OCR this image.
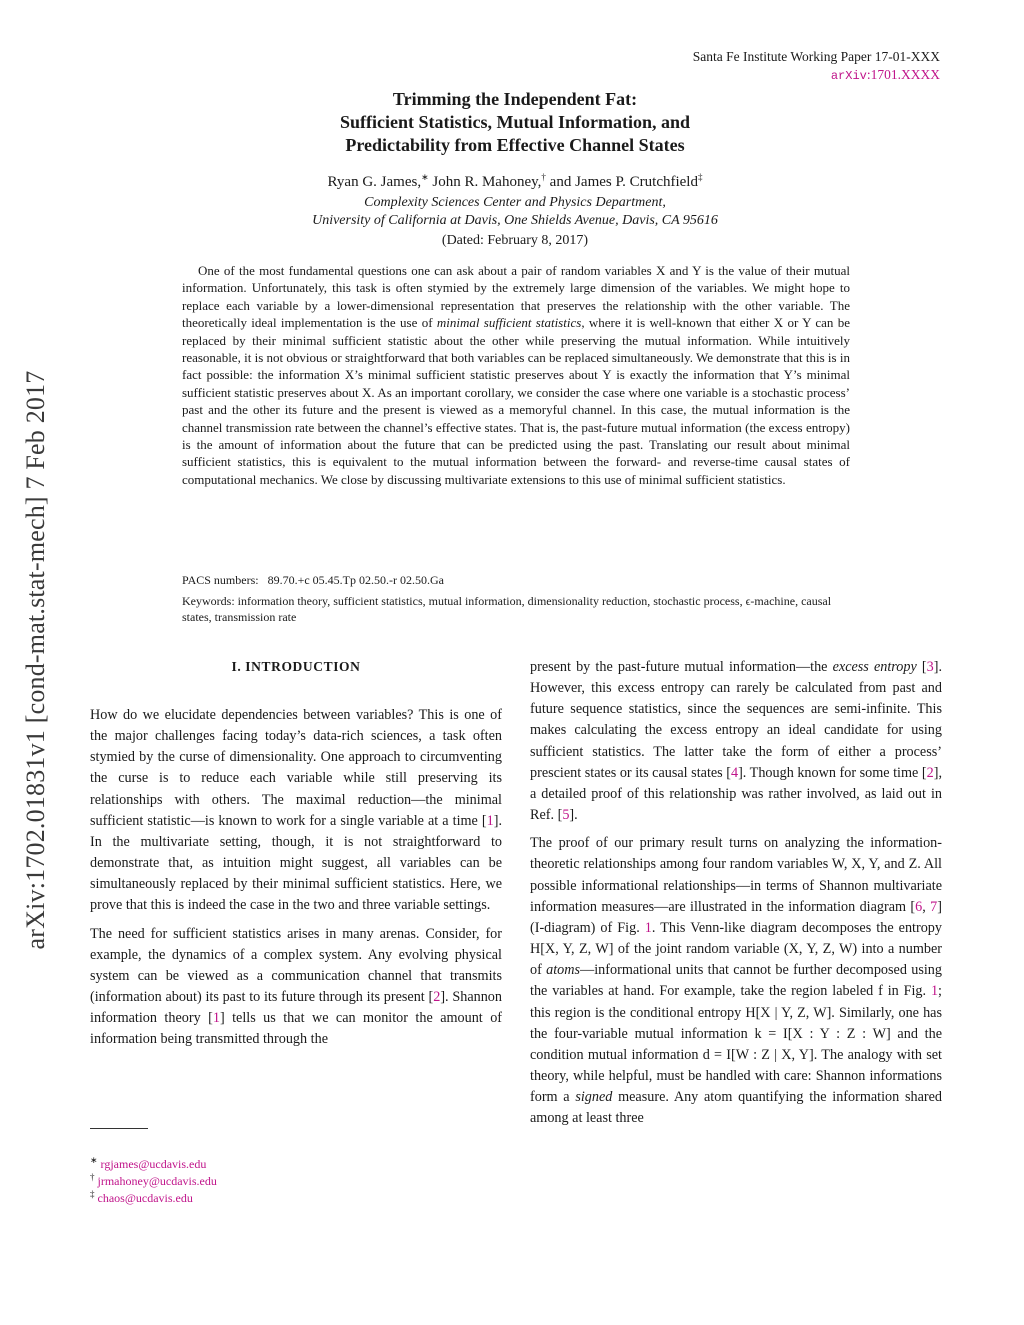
arXiv:1702.01831v1 [cond-mat.stat-mech] 7 Feb 2017
Santa Fe Institute Working Paper 17-01-XXX
arXiv:1701.XXXX
Trimming the Independent Fat:
Sufficient Statistics, Mutual Information, and
Predictability from Effective Channel States
Ryan G. James,∗ John R. Mahoney,† and James P. Crutchfield‡
Complexity Sciences Center and Physics Department,
University of California at Davis, One Shields Avenue, Davis, CA 95616
(Dated: February 8, 2017)

One of the most fundamental questions one can ask about a pair of random variables X and Y is the value of their mutual information. Unfortunately, this task is often stymied by the extremely large dimension of the variables. We might hope to replace each variable by a lower-dimensional representation that preserves the relationship with the other variable. The theoretically ideal implementation is the use of minimal sufficient statistics, where it is well-known that either X or Y can be replaced by their minimal sufficient statistic about the other while preserving the mutual information. While intuitively reasonable, it is not obvious or straightforward that both variables can be replaced simultaneously. We demonstrate that this is in fact possible: the information X’s minimal sufficient statistic preserves about Y is exactly the information that Y’s minimal sufficient statistic preserves about X. As an important corollary, we consider the case where one variable is a stochastic process’ past and the other its future and the present is viewed as a memoryful channel. In this case, the mutual information is the channel transmission rate between the channel’s effective states. That is, the past-future mutual information (the excess entropy) is the amount of information about the future that can be predicted using the past. Translating our result about minimal sufficient statistics, this is equivalent to the mutual information between the forward- and reverse-time causal states of computational mechanics. We close by discussing multivariate extensions to this use of minimal sufficient statistics.

PACS numbers: 89.70.+c 05.45.Tp 02.50.-r 02.50.Ga
Keywords: information theory, sufficient statistics, mutual information, dimensionality reduction, stochastic process, ϵ-machine, causal states, transmission rate
I. INTRODUCTION

How do we elucidate dependencies between variables? This is one of the major challenges facing today’s data-rich sciences, a task often stymied by the curse of dimensionality. One approach to circumventing the curse is to reduce each variable while still preserving its relationships with others. The maximal reduction—the minimal sufficient statistic—is known to work for a single variable at a time [1]. In the multivariate setting, though, it is not straightforward to demonstrate that, as intuition might suggest, all variables can be simultaneously replaced by their minimal sufficient statistics. Here, we prove that this is indeed the case in the two and three variable settings.

The need for sufficient statistics arises in many arenas. Consider, for example, the dynamics of a complex system. Any evolving physical system can be viewed as a communication channel that transmits (information about) its past to its future through its present [2]. Shannon information theory [1] tells us that we can monitor the amount of information being transmitted through the

∗ rgjames@ucdavis.edu
† jrmahoney@ucdavis.edu
‡ chaos@ucdavis.edu

present by the past-future mutual information—the excess entropy [3]. However, this excess entropy can rarely be calculated from past and future sequence statistics, since the sequences are semi-infinite. This makes calculating the excess entropy an ideal candidate for using sufficient statistics. The latter take the form of either a process’ prescient states or its causal states [4]. Though known for some time [2], a detailed proof of this relationship was rather involved, as laid out in Ref. [5].

The proof of our primary result turns on analyzing the information-theoretic relationships among four random variables W, X, Y, and Z. All possible informational relationships—in terms of Shannon multivariate information measures—are illustrated in the information diagram [6, 7] (I-diagram) of Fig. 1. This Venn-like diagram decomposes the entropy H[X, Y, Z, W] of the joint random variable (X, Y, Z, W) into a number of atoms—informational units that cannot be further decomposed using the variables at hand. For example, take the region labeled f in Fig. 1; this region is the conditional entropy H[X | Y, Z, W]. Similarly, one has the four-variable mutual information k = I[X : Y : Z : W] and the condition mutual information d = I[W : Z | X, Y]. The analogy with set theory, while helpful, must be handled with care: Shannon informations form a signed measure. Any atom quantifying the information shared among at least three
